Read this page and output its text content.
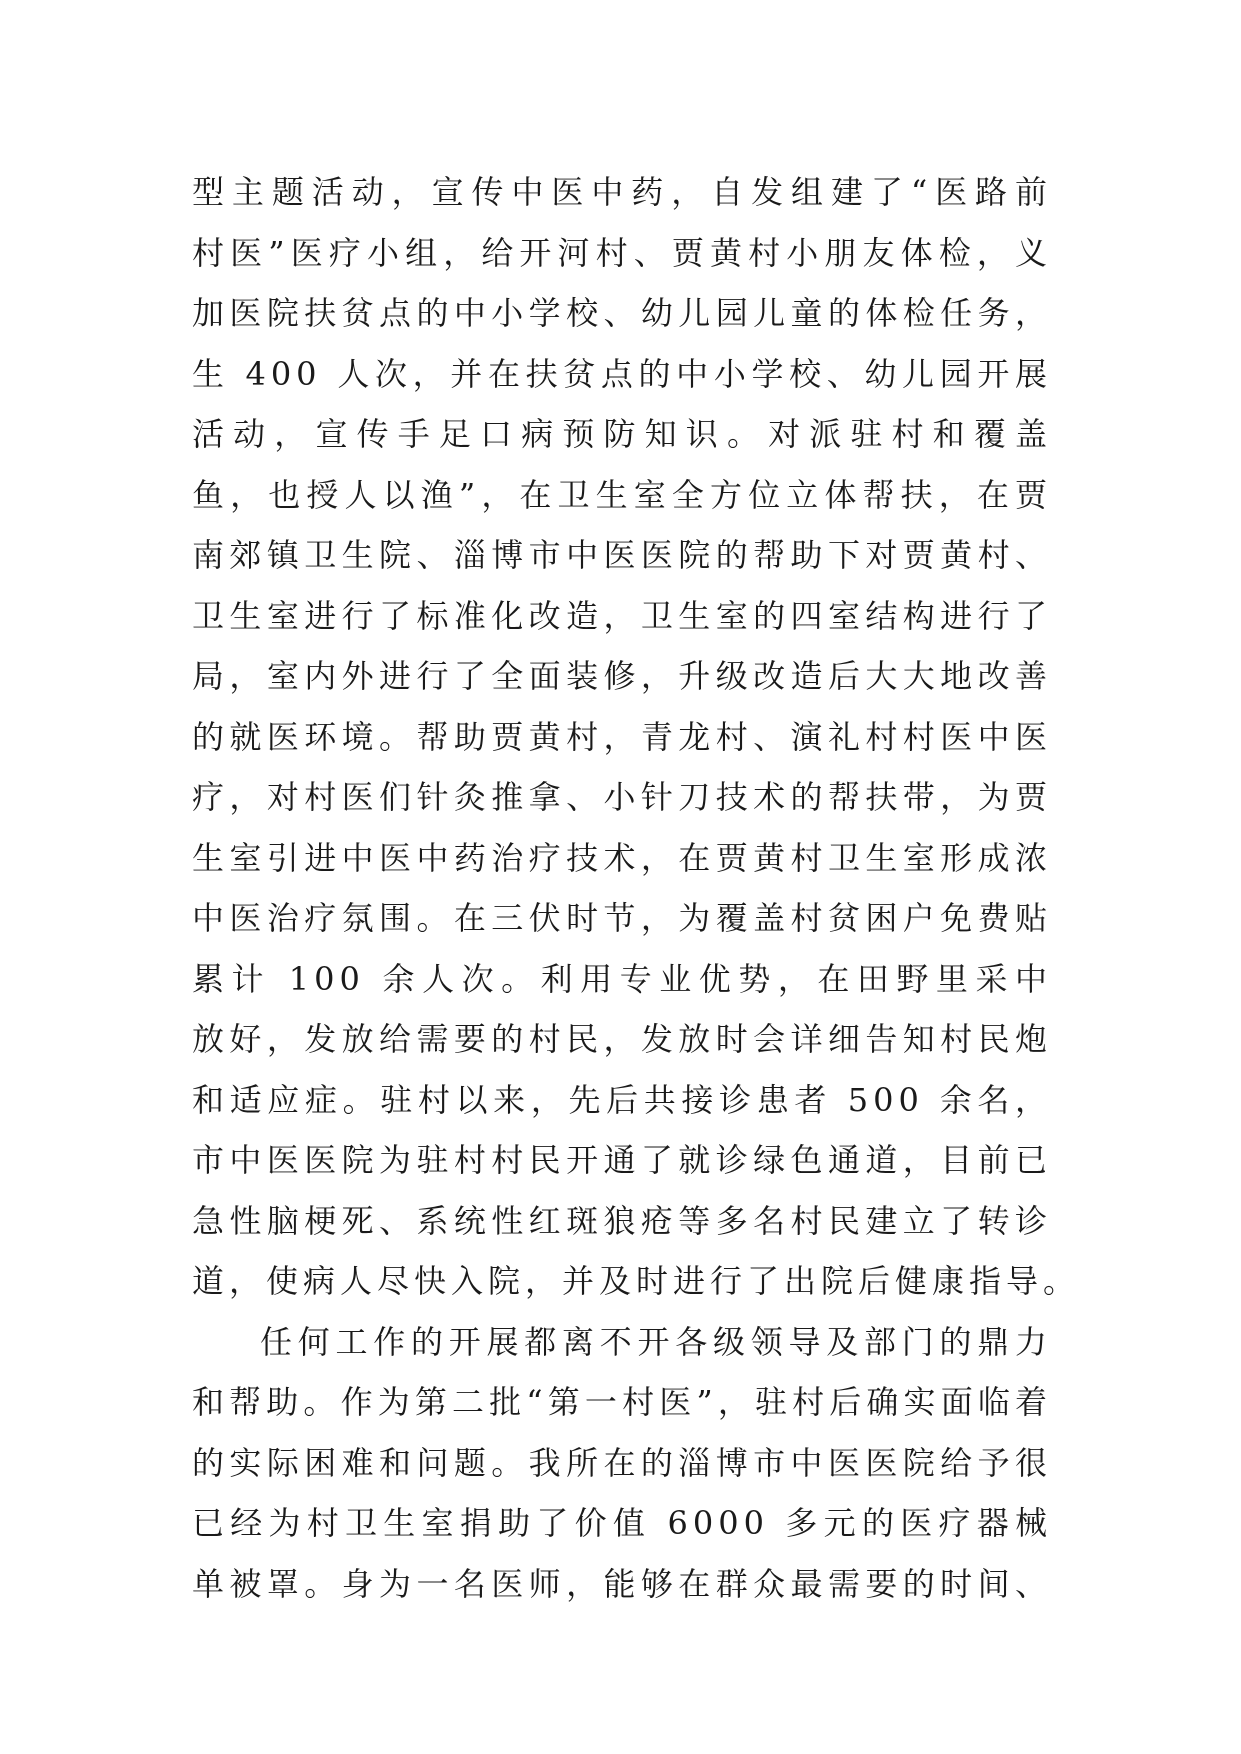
型主题活动，宣传中医中药，自发组建了“医路前
村医”医疗小组，给开河村、贾黄村小朋友体检，义
加医院扶贫点的中小学校、幼儿园儿童的体检任务，
生 400 人次，并在扶贫点的中小学校、幼儿园开展
活动，宣传手足口病预防知识。对派驻村和覆盖
鱼，也授人以渔”，在卫生室全方位立体帮扶，在贾
南郊镇卫生院、淄博市中医医院的帮助下对贾黄村、
卫生室进行了标准化改造，卫生室的四室结构进行了
局，室内外进行了全面装修，升级改造后大大地改善
的就医环境。帮助贾黄村，青龙村、演礼村村医中医
疗，对村医们针灸推拿、小针刀技术的帮扶带，为贾
生室引进中医中药治疗技术，在贾黄村卫生室形成浓
中医治疗氛围。在三伏时节，为覆盖村贫困户免费贴
累计 100 余人次。利用专业优势，在田野里采中
放好，发放给需要的村民，发放时会详细告知村民炮
和适应症。驻村以来，先后共接诊患者 500 余名，
市中医医院为驻村村民开通了就诊绿色通道，目前已
急性脑梗死、系统性红斑狼疮等多名村民建立了转诊
道，使病人尽快入院，并及时进行了出院后健康指导。
任何工作的开展都离不开各级领导及部门的鼎力
和帮助。作为第二批“第一村医”，驻村后确实面临着
的实际困难和问题。我所在的淄博市中医医院给予很
已经为村卫生室捐助了价值 6000 多元的医疗器械
单被罩。身为一名医师，能够在群众最需要的时间、
